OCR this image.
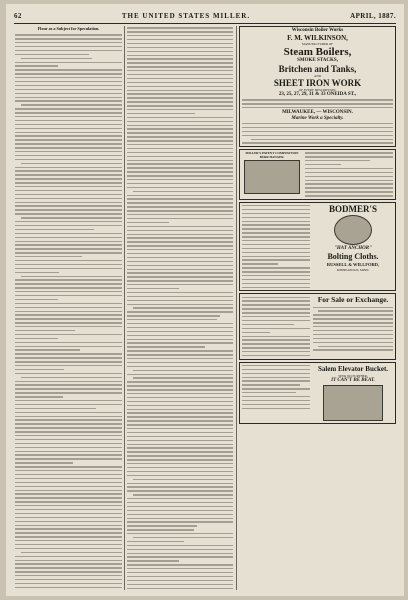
62	THE UNITED STATES MILLER.	APRIL, 1887.
Flour as a Subject for Speculation.	Wisconsin Boiler Works
F. M. WILKINSON,
MANUFACTURER OF
Steam Boilers,
SMOKE STACKS,
Britchen and Tanks,
AND
SHEET IRON WORK
OF EVERY DESCRIPTION.
23, 25, 27, 29, 31 & 33 ONEIDA ST.,
MILWAUKEE, — WISCONSIN.
Marine Work a Specialty.
MILLER'S PATENT COMPOSITION BURR HANGER.
BODMER'S
"HAT ANCHOR"
Bolting Cloths.
RUSSELL & WILLFORD,
MINNEAPOLIS, MINN.
For Sale or Exchange.
Salem Elevator Bucket.
SEEK NO FURTHER,
IT CAN'T BE BEAT.
